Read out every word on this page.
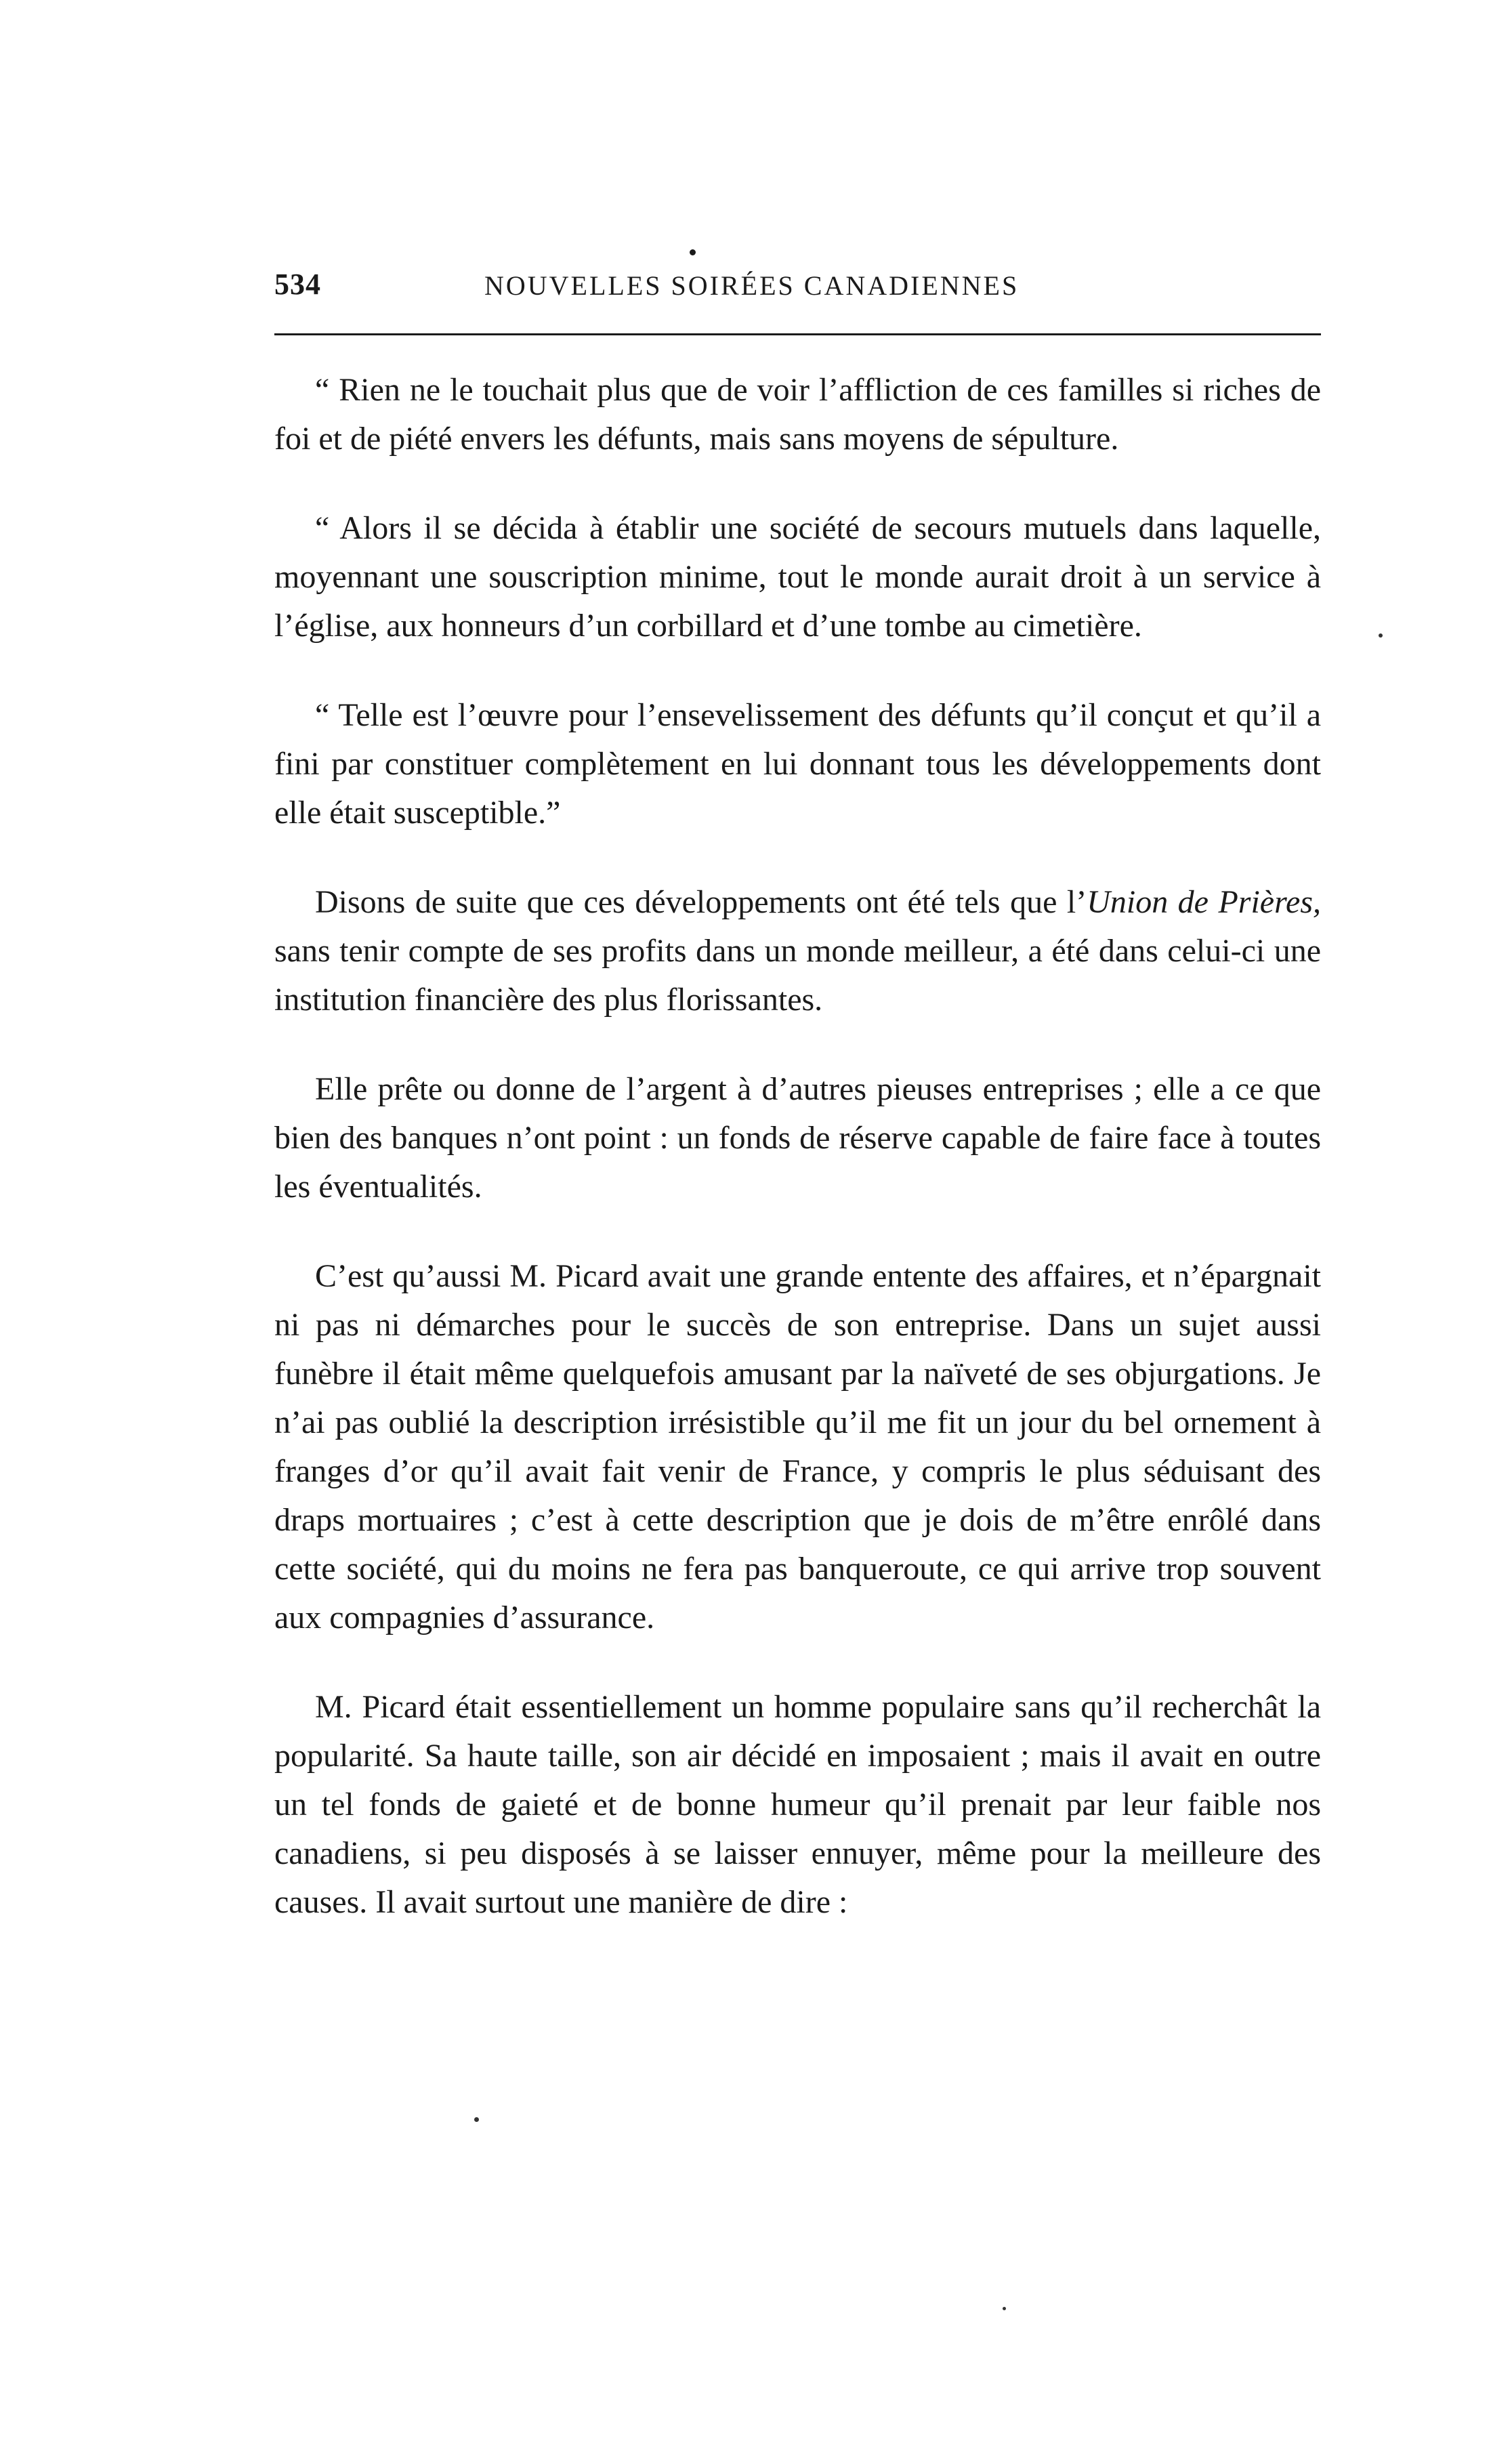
534	NOUVELLES SOIRÉES CANADIENNES

“ Rien ne le touchait plus que de voir l’affliction de ces familles si riches de foi et de piété envers les défunts, mais sans moyens de sépulture.

“ Alors il se décida à établir une société de secours mutuels dans laquelle, moyennant une souscription minime, tout le monde aurait droit à un service à l’église, aux honneurs d’un corbillard et d’une tombe au cimetière.

“ Telle est l’œuvre pour l’ensevelissement des défunts qu’il conçut et qu’il a fini par constituer complètement en lui donnant tous les développements dont elle était susceptible.”

Disons de suite que ces développements ont été tels que l’Union de Prières, sans tenir compte de ses profits dans un monde meilleur, a été dans celui-ci une institution financière des plus florissantes.

Elle prête ou donne de l’argent à d’autres pieuses entreprises ; elle a ce que bien des banques n’ont point : un fonds de réserve capable de faire face à toutes les éventualités.

C’est qu’aussi M. Picard avait une grande entente des affaires, et n’épargnait ni pas ni démarches pour le succès de son entreprise. Dans un sujet aussi funèbre il était même quelquefois amusant par la naïveté de ses objurgations. Je n’ai pas oublié la description irrésistible qu’il me fit un jour du bel ornement à franges d’or qu’il avait fait venir de France, y compris le plus séduisant des draps mortuaires ; c’est à cette description que je dois de m’être enrôlé dans cette société, qui du moins ne fera pas banqueroute, ce qui arrive trop souvent aux compagnies d’assurance.

M. Picard était essentiellement un homme populaire sans qu’il recherchât la popularité. Sa haute taille, son air décidé en imposaient ; mais il avait en outre un tel fonds de gaieté et de bonne humeur qu’il prenait par leur faible nos canadiens, si peu disposés à se laisser ennuyer, même pour la meilleure des causes. Il avait surtout une manière de dire :
